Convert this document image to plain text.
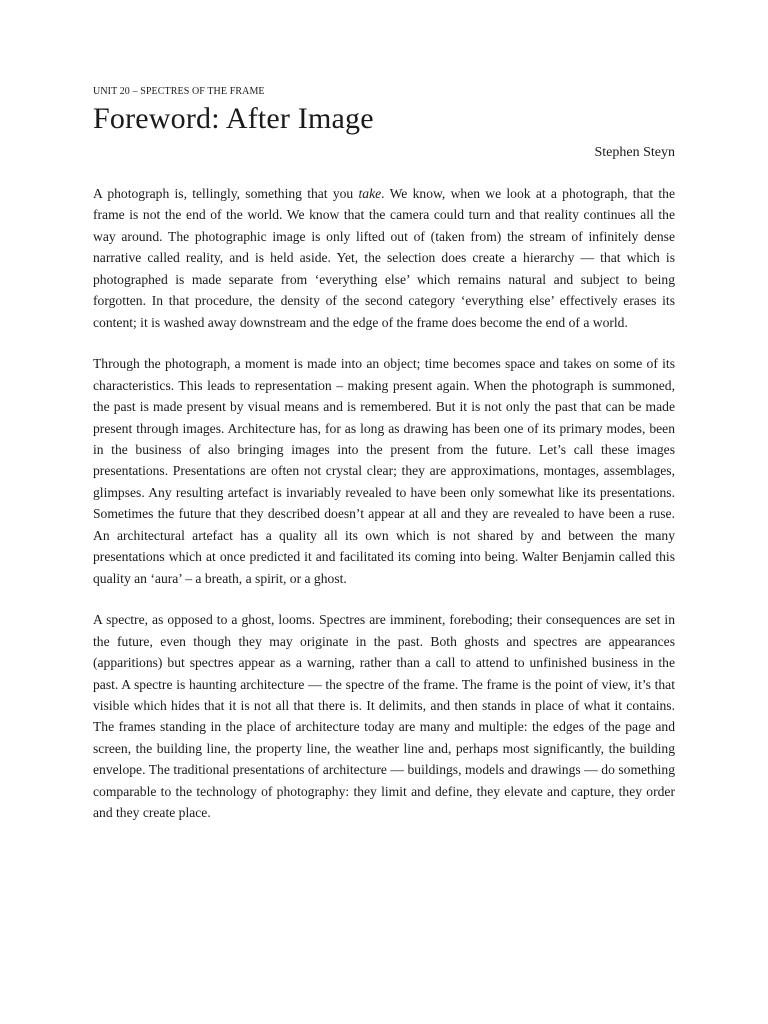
UNIT 20 – SPECTRES OF THE FRAME

Foreword: After Image

Stephen Steyn

A photograph is, tellingly, something that you take. We know, when we look at a photograph, that the frame is not the end of the world. We know that the camera could turn and that reality continues all the way around. The photographic image is only lifted out of (taken from) the stream of infinitely dense narrative called reality, and is held aside. Yet, the selection does create a hierarchy — that which is photographed is made separate from ‘everything else’ which remains natural and subject to being forgotten. In that procedure, the density of the second category ‘everything else’ effectively erases its content; it is washed away downstream and the edge of the frame does become the end of a world.

Through the photograph, a moment is made into an object; time becomes space and takes on some of its characteristics. This leads to representation – making present again. When the photograph is summoned, the past is made present by visual means and is remembered. But it is not only the past that can be made present through images. Architecture has, for as long as drawing has been one of its primary modes, been in the business of also bringing images into the present from the future. Let’s call these images presentations. Presentations are often not crystal clear; they are approximations, montages, assemblages, glimpses. Any resulting artefact is invariably revealed to have been only somewhat like its presentations. Sometimes the future that they described doesn’t appear at all and they are revealed to have been a ruse. An architectural artefact has a quality all its own which is not shared by and between the many presentations which at once predicted it and facilitated its coming into being. Walter Benjamin called this quality an ‘aura’ – a breath, a spirit, or a ghost.

A spectre, as opposed to a ghost, looms. Spectres are imminent, foreboding; their consequences are set in the future, even though they may originate in the past. Both ghosts and spectres are appearances (apparitions) but spectres appear as a warning, rather than a call to attend to unfinished business in the past. A spectre is haunting architecture — the spectre of the frame. The frame is the point of view, it’s that visible which hides that it is not all that there is. It delimits, and then stands in place of what it contains. The frames standing in the place of architecture today are many and multiple: the edges of the page and screen, the building line, the property line, the weather line and, perhaps most significantly, the building envelope. The traditional presentations of architecture — buildings, models and drawings — do something comparable to the technology of photography: they limit and define, they elevate and capture, they order and they create place.
